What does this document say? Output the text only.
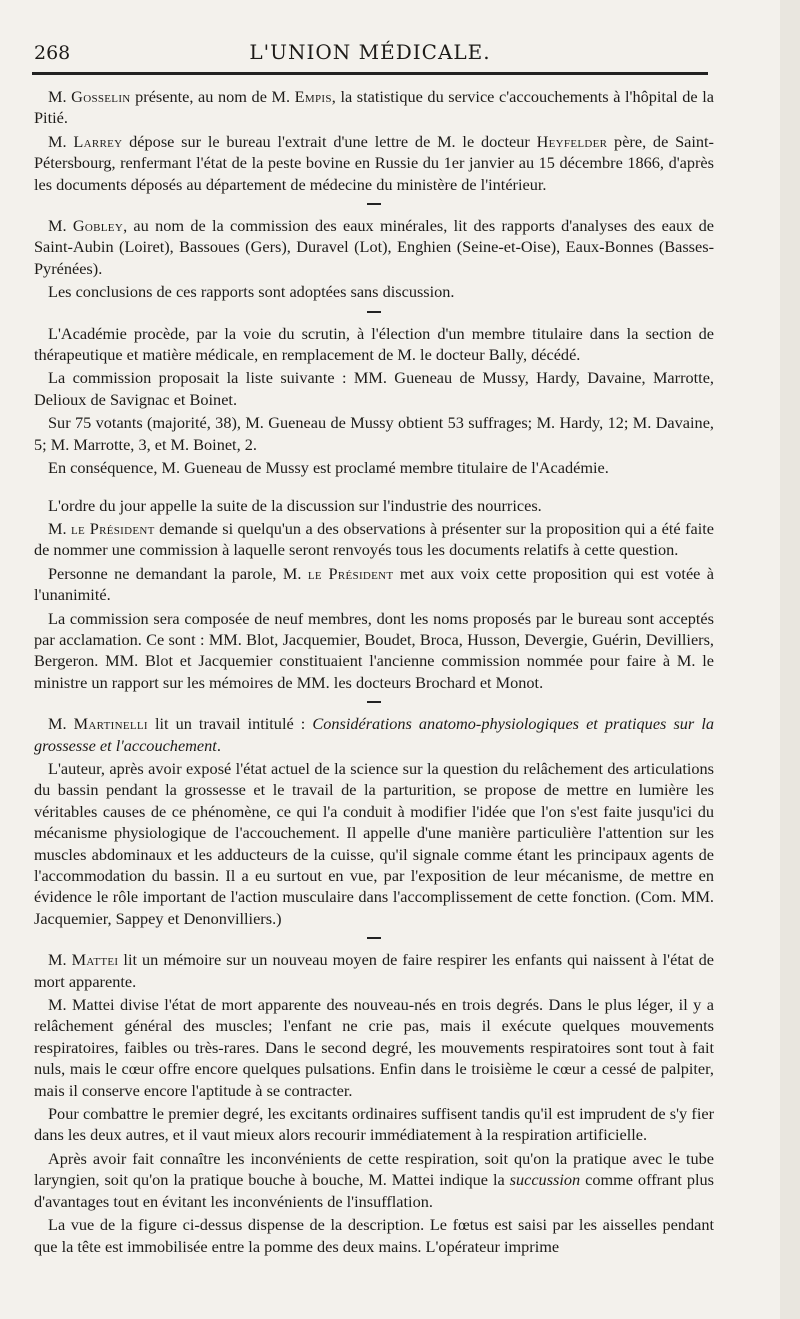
268	L'UNION MÉDICALE.

M. Gosselin présente, au nom de M. Empis, la statistique du service c'accouchements à l'hôpital de la Pitié.

M. Larrey dépose sur le bureau l'extrait d'une lettre de M. le docteur Heyfelder père, de Saint-Pétersbourg, renfermant l'état de la peste bovine en Russie du 1er janvier au 15 décembre 1866, d'après les documents déposés au département de médecine du ministère de l'intérieur.

M. Gobley, au nom de la commission des eaux minérales, lit des rapports d'analyses des eaux de Saint-Aubin (Loiret), Bassoues (Gers), Duravel (Lot), Enghien (Seine-et-Oise), Eaux-Bonnes (Basses-Pyrénées).

Les conclusions de ces rapports sont adoptées sans discussion.

L'Académie procède, par la voie du scrutin, à l'élection d'un membre titulaire dans la section de thérapeutique et matière médicale, en remplacement de M. le docteur Bally, décédé.

La commission proposait la liste suivante : MM. Gueneau de Mussy, Hardy, Davaine, Marrotte, Delioux de Savignac et Boinet.

Sur 75 votants (majorité, 38), M. Gueneau de Mussy obtient 53 suffrages; M. Hardy, 12; M. Davaine, 5; M. Marrotte, 3, et M. Boinet, 2.

En conséquence, M. Gueneau de Mussy est proclamé membre titulaire de l'Académie.

L'ordre du jour appelle la suite de la discussion sur l'industrie des nourrices.

M. le Président demande si quelqu'un a des observations à présenter sur la proposition qui a été faite de nommer une commission à laquelle seront renvoyés tous les documents relatifs à cette question.

Personne ne demandant la parole, M. le Président met aux voix cette proposition qui est votée à l'unanimité.

La commission sera composée de neuf membres, dont les noms proposés par le bureau sont acceptés par acclamation. Ce sont : MM. Blot, Jacquemier, Boudet, Broca, Husson, Devergie, Guérin, Devilliers, Bergeron. MM. Blot et Jacquemier constituaient l'ancienne commission nommée pour faire à M. le ministre un rapport sur les mémoires de MM. les docteurs Brochard et Monot.

M. Martinelli lit un travail intitulé : Considérations anatomo-physiologiques et pratiques sur la grossesse et l'accouchement.

L'auteur, après avoir exposé l'état actuel de la science sur la question du relâchement des articulations du bassin pendant la grossesse et le travail de la parturition, se propose de mettre en lumière les véritables causes de ce phénomène, ce qui l'a conduit à modifier l'idée que l'on s'est faite jusqu'ici du mécanisme physiologique de l'accouchement. Il appelle d'une manière particulière l'attention sur les muscles abdominaux et les adducteurs de la cuisse, qu'il signale comme étant les principaux agents de l'accommodation du bassin. Il a eu surtout en vue, par l'exposition de leur mécanisme, de mettre en évidence le rôle important de l'action musculaire dans l'accomplissement de cette fonction. (Com. MM. Jacquemier, Sappey et Denonvilliers.)

M. Mattei lit un mémoire sur un nouveau moyen de faire respirer les enfants qui naissent à l'état de mort apparente.

M. Mattei divise l'état de mort apparente des nouveau-nés en trois degrés. Dans le plus léger, il y a relâchement général des muscles; l'enfant ne crie pas, mais il exécute quelques mouvements respiratoires, faibles ou très-rares. Dans le second degré, les mouvements respiratoires sont tout à fait nuls, mais le cœur offre encore quelques pulsations. Enfin dans le troisième le cœur a cessé de palpiter, mais il conserve encore l'aptitude à se contracter.

Pour combattre le premier degré, les excitants ordinaires suffisent tandis qu'il est imprudent de s'y fier dans les deux autres, et il vaut mieux alors recourir immédiatement à la respiration artificielle.

Après avoir fait connaître les inconvénients de cette respiration, soit qu'on la pratique avec le tube laryngien, soit qu'on la pratique bouche à bouche, M. Mattei indique la succussion comme offrant plus d'avantages tout en évitant les inconvénients de l'insufflation.

La vue de la figure ci-dessus dispense de la description. Le fœtus est saisi par les aisselles pendant que la tête est immobilisée entre la pomme des deux mains. L'opérateur imprime
